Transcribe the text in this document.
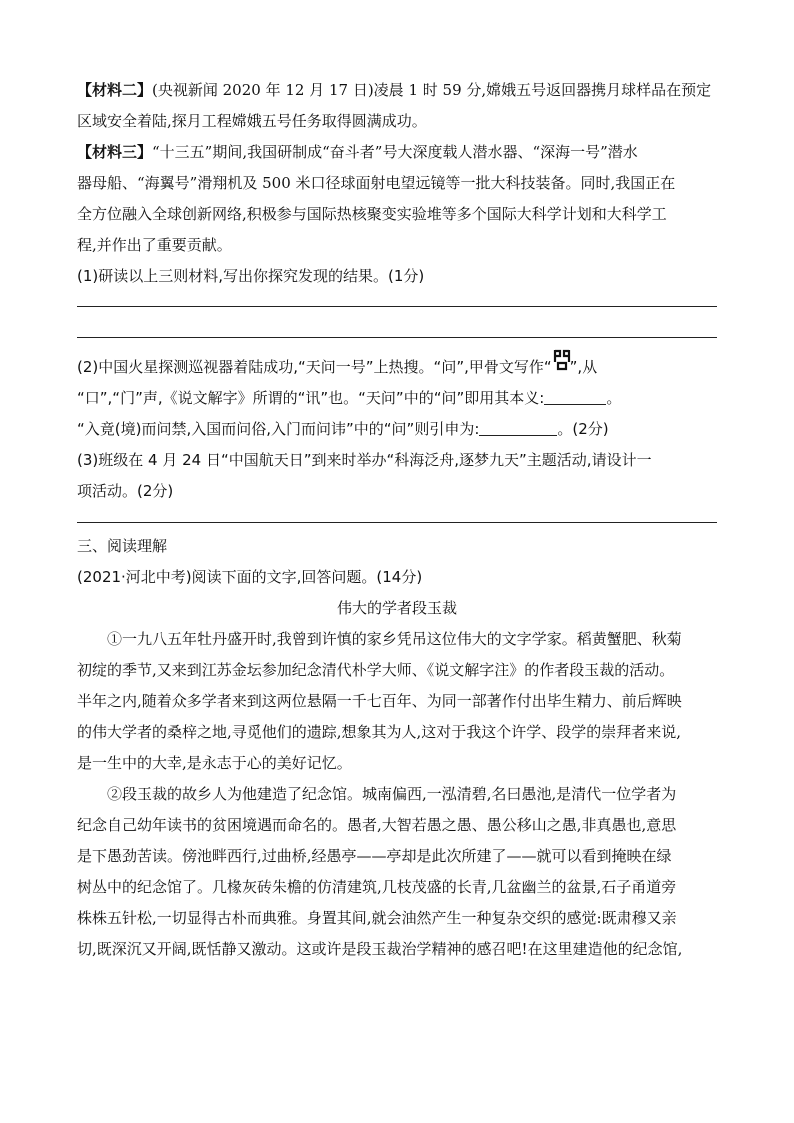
【材料二】(央视新闻 2020 年 12 月 17 日)凌晨 1 时 59 分,嫦娥五号返回器携月球样品在预定

区域安全着陆,探月工程嫦娥五号任务取得圆满成功。

【材料三】“十三五”期间,我国研制成“奋斗者”号大深度载人潜水器、“深海一号”潜水

器母船、“海翼号”滑翔机及 500 米口径球面射电望远镜等一批大科技装备。同时,我国正在

全方位融入全球创新网络,积极参与国际热核聚变实验堆等多个国际大科学计划和大科学工

程,并作出了重要贡献。

(1)研读以上三则材料,写出你探究发现的结果。(1分)

(2)中国火星探测巡视器着陆成功,“天问一号”上热搜。“问”,甲骨文写作“ ”,从

“口”,“门”声,《说文解字》所谓的“讯”也。“天问”中的“问”即用其本义:	。

“入竟(境)而问禁,入国而问俗,入门而问讳”中的“问”则引申为:	。(2分)

(3)班级在 4 月 24 日“中国航天日”到来时举办“科海泛舟,逐梦九天”主题活动,请设计一

项活动。(2分)

三、阅读理解

(2021·河北中考)阅读下面的文字,回答问题。(14分)

伟大的学者段玉裁

①一九八五年牡丹盛开时,我曾到许慎的家乡凭吊这位伟大的文字学家。稻黄蟹肥、秋菊

初绽的季节,又来到江苏金坛参加纪念清代朴学大师、《说文解字注》的作者段玉裁的活动。

半年之内,随着众多学者来到这两位悬隔一千七百年、为同一部著作付出毕生精力、前后辉映

的伟大学者的桑梓之地,寻觅他们的遗踪,想象其为人,这对于我这个许学、段学的崇拜者来说,

是一生中的大幸,是永志于心的美好记忆。

②段玉裁的故乡人为他建造了纪念馆。城南偏西,一泓清碧,名曰愚池,是清代一位学者为

纪念自己幼年读书的贫困境遇而命名的。愚者,大智若愚之愚、愚公移山之愚,非真愚也,意思

是下愚劲苦读。傍池畔西行,过曲桥,经愚亭——亭却是此次所建了——就可以看到掩映在绿

树丛中的纪念馆了。几椽灰砖朱檐的仿清建筑,几枝茂盛的长青,几盆幽兰的盆景,石子甬道旁

株株五针松,一切显得古朴而典雅。身置其间,就会油然产生一种复杂交织的感觉:既肃穆又亲

切,既深沉又开阔,既恬静又激动。这或许是段玉裁治学精神的感召吧!在这里建造他的纪念馆,
